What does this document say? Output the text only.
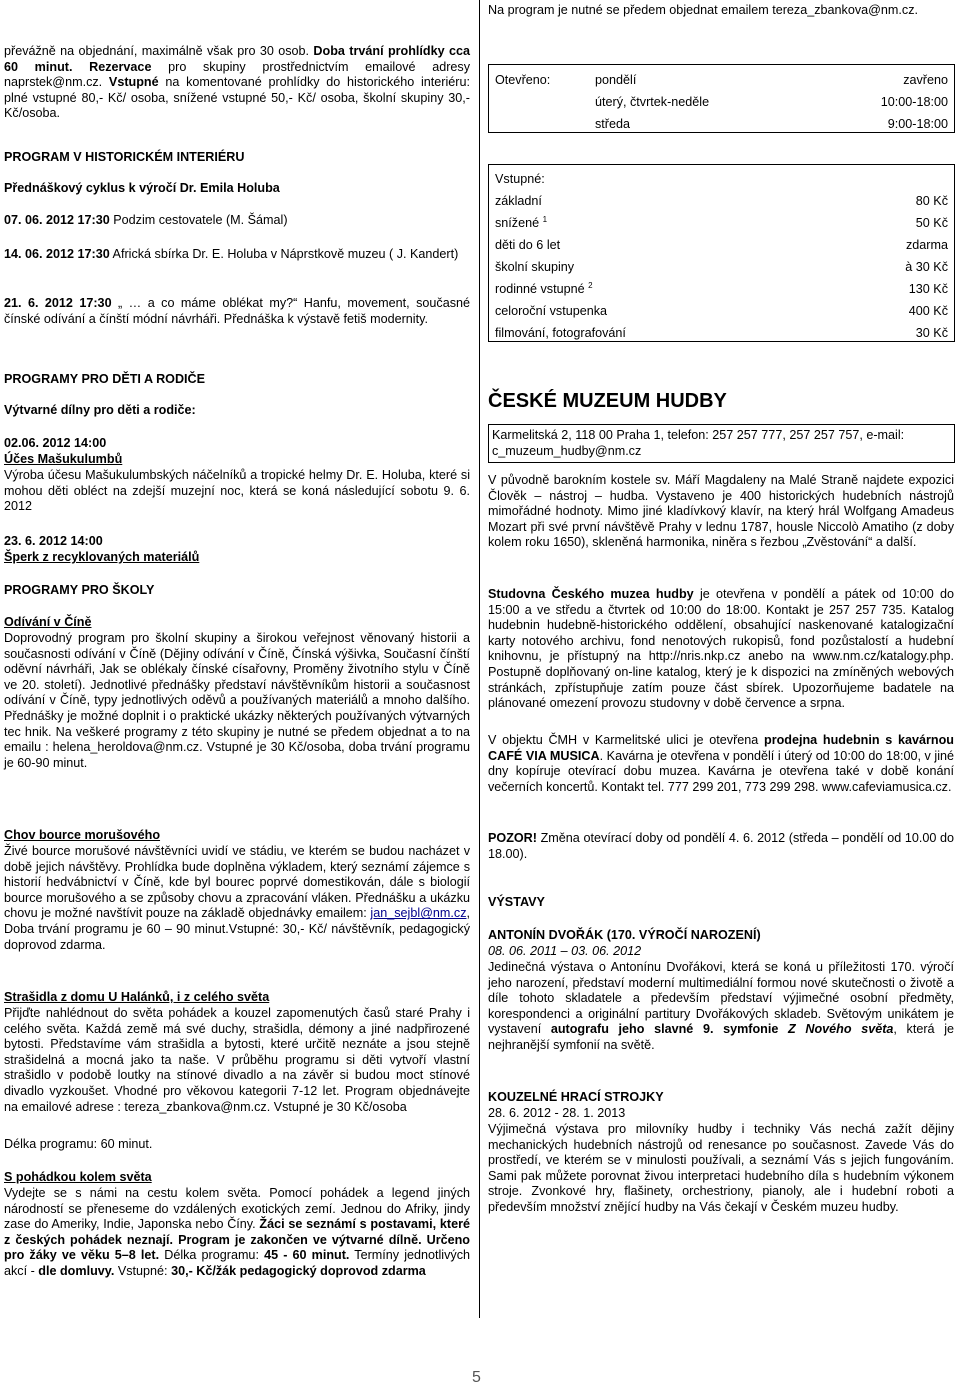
převážně na objednání, maximálně však pro 30 osob. Doba trvání prohlídky cca 60 minut. Rezervace pro skupiny prostřednictvím emailové adresy naprstek@nm.cz. Vstupné na komentované prohlídky do historického interiéru: plné vstupné 80,- Kč/ osoba, snížené vstupné 50,- Kč/ osoba, školní skupiny 30,- Kč/osoba.

PROGRAM V HISTORICKÉM INTERIÉRU

Přednáškový cyklus k výročí Dr. Emila Holuba

07. 06. 2012 17:30 Podzim cestovatele (M. Šámal)

14. 06. 2012 17:30 Africká sbírka Dr. E. Holuba v Náprstkově muzeu ( J. Kandert)

21. 6. 2012 17:30 „ … a co máme oblékat my?“ Hanfu, movement, současné čínské odívání a čínští módní návrháři. Přednáška k výstavě fetiš modernity.

PROGRAMY PRO DĚTI A RODIČE

Výtvarné dílny pro děti a rodiče:

02.06. 2012 14:00

Účes Mašukulumbů

Výroba účesu Mašukulumbských náčelníků a tropické helmy Dr. E. Holuba, které si mohou děti obléct na zdejší muzejní noc, která se koná následující sobotu 9. 6. 2012

23. 6. 2012 14:00

Šperk z recyklovaných materiálů

PROGRAMY PRO ŠKOLY

Odívání v Číně

Doprovodný program pro školní skupiny a širokou veřejnost věnovaný historii a současnosti odívání v Číně (Dějiny odívání v Číně, Čínská výšivka, Současní čínští oděvní návrháři, Jak se oblékaly čínské císařovny, Proměny životního stylu v Číně ve 20. století). Jednotlivé přednášky představí návštěvníkům historii a současnost odívání v Číně, typy jednotlivých oděvů a používaných materiálů a mnoho dalšího. Přednášky je možné doplnit i o praktické ukázky některých používaných výtvarných tec hnik. Na veškeré programy z této skupiny je nutné se předem objednat a to na emailu : helena_heroldova@nm.cz. Vstupné je 30 Kč/osoba, doba trvání programu je 60-90 minut.

Chov bource morušového

Živé bource morušové návštěvníci uvidí ve stádiu, ve kterém se budou nacházet v době jejich návštěvy. Prohlídka bude doplněna výkladem, který seznámí zájemce s historií hedvábnictví v Číně, kde byl bourec poprvé domestikován, dále s biologií bource morušového a se způsoby chovu a zpracování vláken. Přednášku a ukázku chovu je možné navštívit pouze na základě objednávky emailem: jan_sejbl@nm.cz, Doba trvání programu je 60 – 90 minut.Vstupné: 30,- Kč/ návštěvník, pedagogický doprovod zdarma.

Strašidla z domu U Halánků, i z celého světa

Přijďte nahlédnout do světa pohádek a kouzel zapomenutých časů staré Prahy i celého světa. Každá země má své duchy, strašidla, démony a jiné nadpřirozené bytosti. Představíme vám strašidla a bytosti, které určitě neznáte a jsou stejně strašidelná a mocná jako ta naše. V průběhu programu si děti vytvoří vlastní strašidlo v podobě loutky na stínové divadlo a na závěr si budou moct stínové divadlo vyzkoušet. Vhodné pro věkovou kategorii 7-12 let. Program objednávejte na emailové adrese : tereza_zbankova@nm.cz. Vstupné je 30 Kč/osoba

Délka programu: 60 minut.

S pohádkou kolem světa

Vydejte se s námi na cestu kolem světa. Pomocí pohádek a legend jiných národností se přeneseme do vzdálených exotických zemí. Jednou do Afriky, jindy zase do Ameriky, Indie, Japonska nebo Číny. Žáci se seznámí s postavami, které z českých pohádek neznají. Program je zakončen ve výtvarné dílně. Určeno pro žáky ve věku 5–8 let. Délka programu: 45 - 60 minut. Termíny jednotlivých akcí - dle domluvy. Vstupné: 30,- Kč/žák pedagogický doprovod zdarma

Na program je nutné se předem objednat emailem tereza_zbankova@nm.cz.

Otevřeno:	pondělí	zavřeno
	úterý, čtvrtek-neděle	10:00-18:00
	středa	9:00-18:00
Vstupné:	
základní	80 Kč
snížené $^1$	50 Kč
děti do 6 let	zdarma
školní skupiny	à 30 Kč
rodinné vstupné $^2$	130 Kč
celoroční vstupenka	400 Kč
filmování, fotografování	30 Kč

ČESKÉ MUZEUM HUDBY

Karmelitská 2, 118 00 Praha 1, telefon: 257 257 777, 257 257 757, e-mail: c_muzeum_hudby@nm.cz

V původně barokním kostele sv. Máří Magdaleny na Malé Straně najdete expozici Člověk – nástroj – hudba. Vystaveno je 400 historických hudebních nástrojů mimořádné hodnoty. Mimo jiné kladívkový klavír, na který hrál Wolfgang Amadeus Mozart při své první návštěvě Prahy v lednu 1787, housle Niccolò Amatiho (z doby kolem roku 1650), skleněná harmonika, niněra s řezbou „Zvěstování“ a další.

Studovna Českého muzea hudby je otevřena v pondělí a pátek od 10:00 do 15:00 a ve středu a čtvrtek od 10:00 do 18:00. Kontakt je 257 257 735. Katalog hudebnin hudebně-historického oddělení, obsahující naskenované katalogizační karty notového archivu, fond nenotových rukopisů, fond pozůstalostí a hudební knihovnu, je přístupný na http://nris.nkp.cz anebo na www.nm.cz/katalogy.php. Postupně doplňovaný on-line katalog, který je k dispozici na zmíněných webových stránkách, zpřístupňuje zatím pouze část sbírek. Upozorňujeme badatele na plánované omezení provozu studovny v době července a srpna.

V objektu ČMH v Karmelitské ulici je otevřena prodejna hudebnin s kavárnou CAFÉ VIA MUSICA. Kavárna je otevřena v pondělí i úterý od 10:00 do 18:00, v jiné dny kopíruje otevírací dobu muzea. Kavárna je otevřena také v době konání večerních koncertů. Kontakt tel. 777 299 201, 773 299 298. www.cafeviamusica.cz.

POZOR! Změna otevírací doby od pondělí 4. 6. 2012 (středa – pondělí od 10.00 do 18.00).

VÝSTAVY

ANTONÍN DVOŘÁK (170. VÝROČÍ NAROZENÍ)

08. 06. 2011 – 03. 06. 2012

Jedinečná výstava o Antonínu Dvořákovi, která se koná u příležitosti 170. výročí jeho narození, představí moderní multimediální formou nové skutečnosti o životě a díle tohoto skladatele a především představí výjimečné osobní předměty, korespondenci a originální partitury Dvořákových skladeb. Světovým unikátem je vystavení autografu jeho slavné 9. symfonie Z Nového světa, která je nejhranější symfonií na světě.

KOUZELNÉ HRACÍ STROJKY

28. 6. 2012 - 28. 1. 2013

Výjimečná výstava pro milovníky hudby i techniky Vás nechá zažít dějiny mechanických hudebních nástrojů od renesance po současnost. Zavede Vás do prostředí, ve kterém se v minulosti používali, a seznámí Vás s jejich fungováním. Sami pak můžete porovnat živou interpretaci hudebního díla s hudebním výkonem stroje. Zvonkové hry, flašinety, orchestriony, pianoly, ale i hudební roboti a především množství znějící hudby na Vás čekají v Českém muzeu hudby.

5
